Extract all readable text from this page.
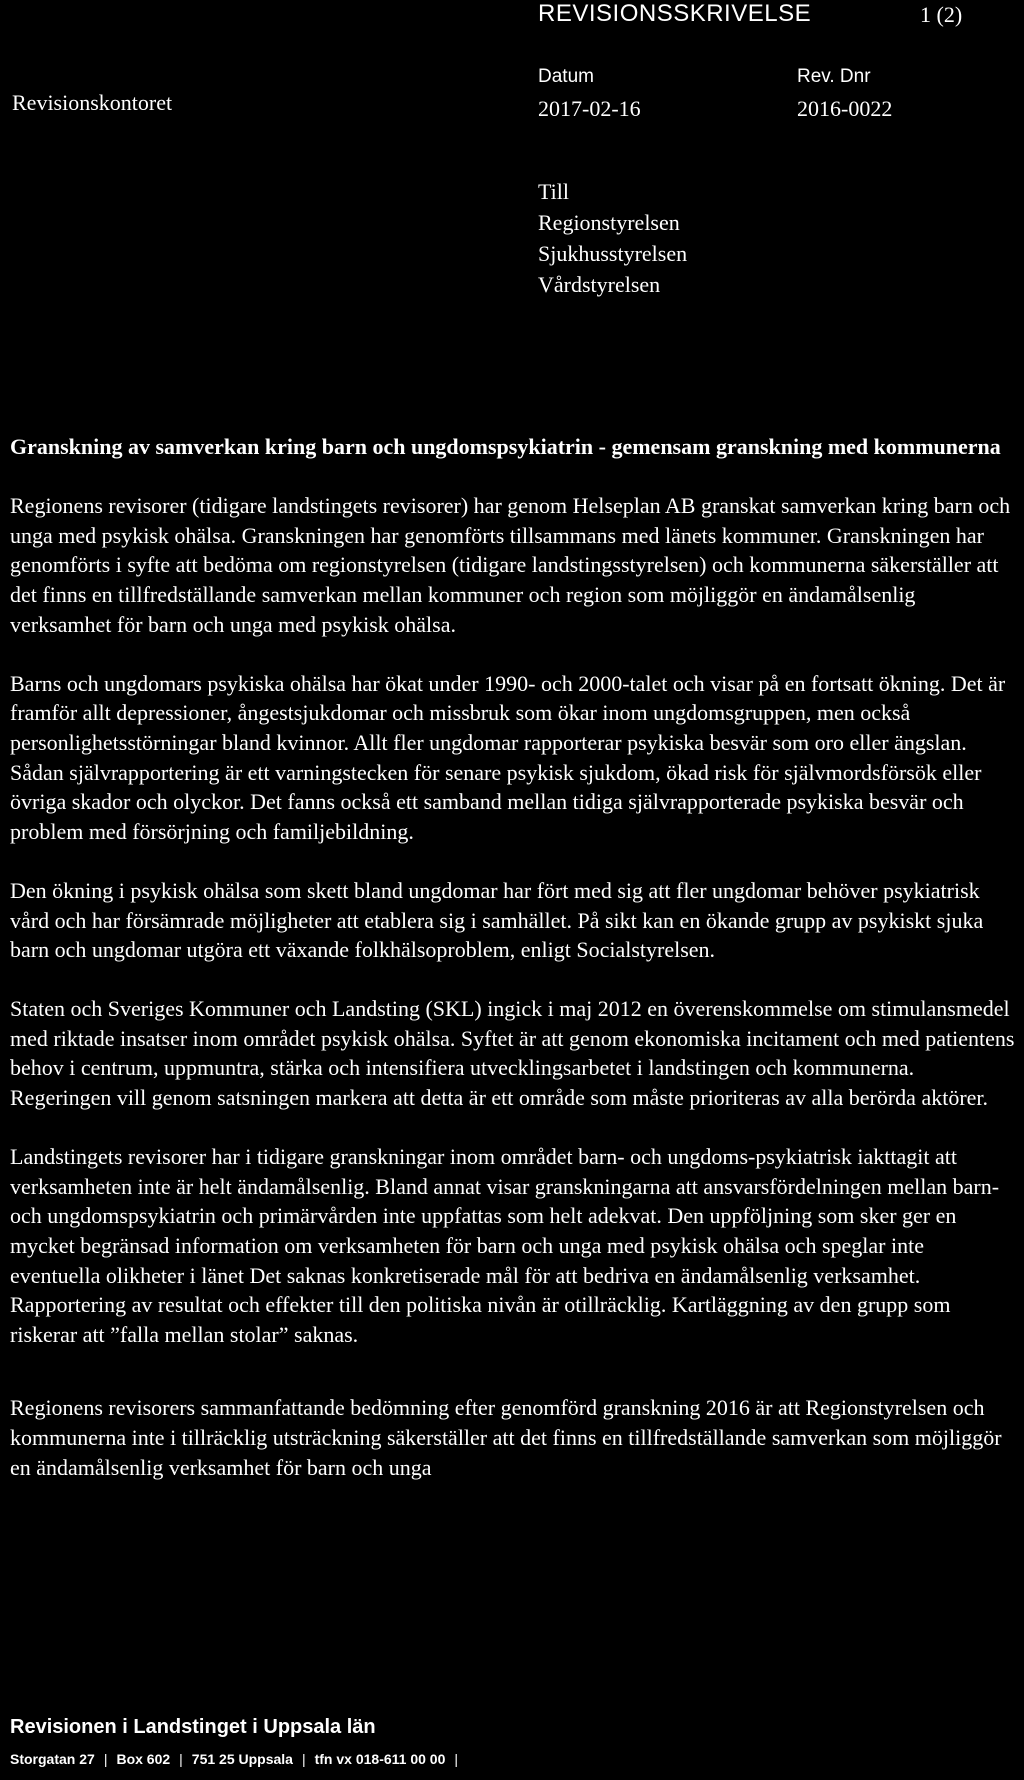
REVISIONSSKRIVELSE	1 (2)
Revisionskontoret
Datum
2017-02-16
Rev. Dnr
2016-0022
Till
Regionstyrelsen
Sjukhusstyrelsen
Vårdstyrelsen

Granskning av samverkan kring barn och ungdomspsykiatrin - gemensam granskning med kommunerna

Regionens revisorer (tidigare landstingets revisorer) har genom Helseplan AB granskat samverkan kring barn och unga med psykisk ohälsa. Granskningen har genomförts tillsammans med länets kommuner. Granskningen har genomförts i syfte att bedöma om regionstyrelsen (tidigare landstingsstyrelsen) och kommunerna säkerställer att det finns en tillfredställande samverkan mellan kommuner och region som möjliggör en ändamålsenlig verksamhet för barn och unga med psykisk ohälsa.

Barns och ungdomars psykiska ohälsa har ökat under 1990- och 2000-talet och visar på en fortsatt ökning. Det är framför allt depressioner, ångestsjukdomar och missbruk som ökar inom ungdomsgruppen, men också personlighetsstörningar bland kvinnor. Allt fler ungdomar rapporterar psykiska besvär som oro eller ängslan. Sådan självrapportering är ett varningstecken för senare psykisk sjukdom, ökad risk för självmordsförsök eller övriga skador och olyckor. Det fanns också ett samband mellan tidiga självrapporterade psykiska besvär och problem med försörjning och familjebildning.

Den ökning i psykisk ohälsa som skett bland ungdomar har fört med sig att fler ungdomar behöver psykiatrisk vård och har försämrade möjligheter att etablera sig i samhället. På sikt kan en ökande grupp av psykiskt sjuka barn och ungdomar utgöra ett växande folkhälsoproblem, enligt Socialstyrelsen.

Staten och Sveriges Kommuner och Landsting (SKL) ingick i maj 2012 en överenskommelse om stimulansmedel med riktade insatser inom området psykisk ohälsa. Syftet är att genom ekonomiska incitament och med patientens behov i centrum, uppmuntra, stärka och intensifiera utvecklingsarbetet i landstingen och kommunerna. Regeringen vill genom satsningen markera att detta är ett område som måste prioriteras av alla berörda aktörer.

Landstingets revisorer har i tidigare granskningar inom området barn- och ungdoms-psykiatrisk iakttagit att verksamheten inte är helt ändamålsenlig. Bland annat visar granskningarna att ansvarsfördelningen mellan barn- och ungdomspsykiatrin och primärvården inte uppfattas som helt adekvat. Den uppföljning som sker ger en mycket begränsad information om verksamheten för barn och unga med psykisk ohälsa och speglar inte eventuella olikheter i länet Det saknas konkretiserade mål för att bedriva en ändamålsenlig verksamhet. Rapportering av resultat och effekter till den politiska nivån är otillräcklig. Kartläggning av den grupp som riskerar att ”falla mellan stolar” saknas.

Regionens revisorers sammanfattande bedömning efter genomförd granskning 2016 är att Regionstyrelsen och kommunerna inte i tillräcklig utsträckning säkerställer att det finns en tillfredställande samverkan som möjliggör en ändamålsenlig verksamhet för barn och unga

Revisionen i Landstinget i Uppsala län
Storgatan 27 | Box 602 | 751 25 Uppsala | tfn vx 018-611 00 00 |
